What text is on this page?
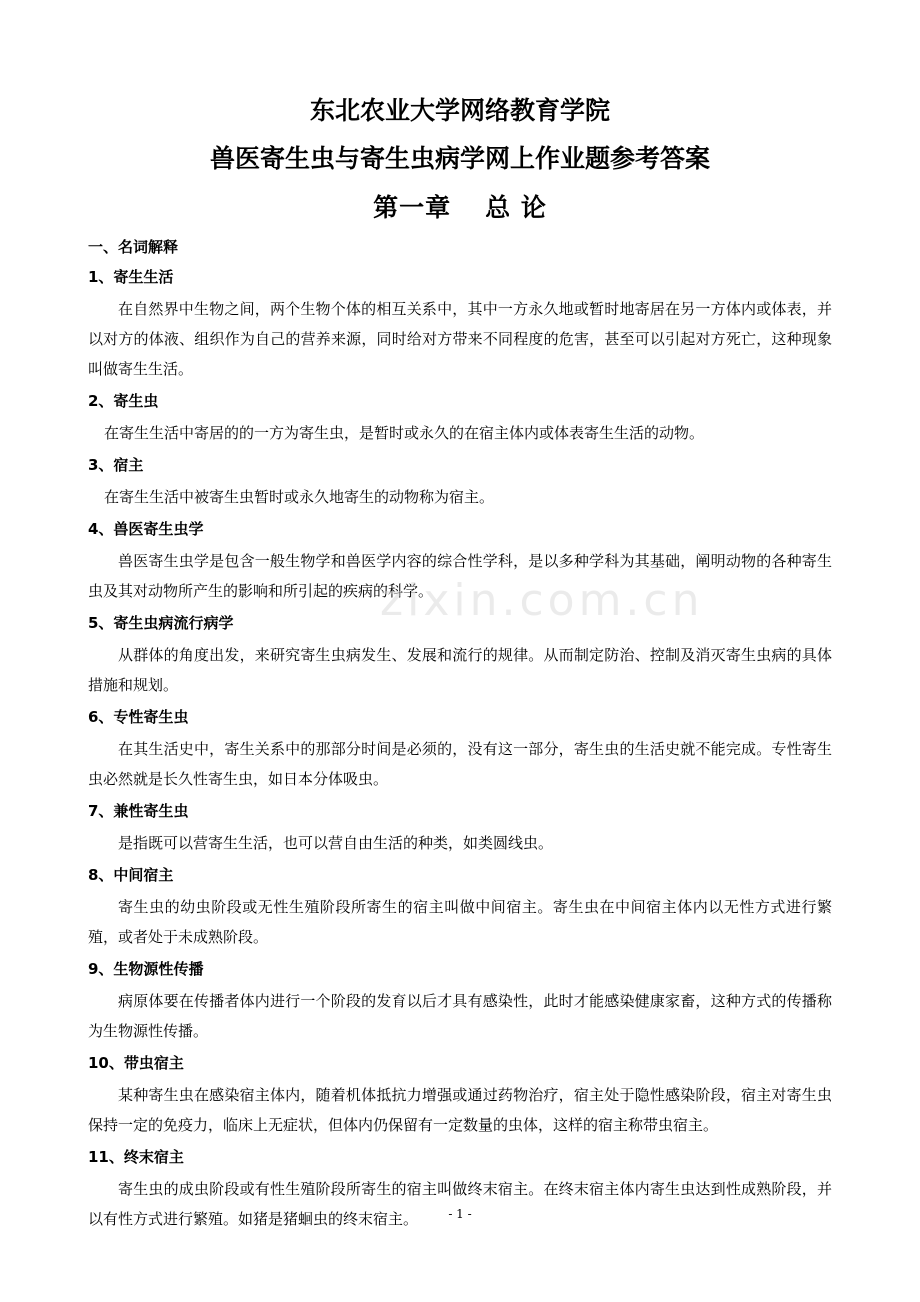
东北农业大学网络教育学院
兽医寄生虫与寄生虫病学网上作业题参考答案
第一章 总 论

一、名词解释

1、寄生生活

在自然界中生物之间，两个生物个体的相互关系中，其中一方永久地或暂时地寄居在另一方体内或体表，并以对方的体液、组织作为自己的营养来源，同时给对方带来不同程度的危害，甚至可以引起对方死亡，这种现象叫做寄生生活。

2、寄生虫

在寄生生活中寄居的的一方为寄生虫，是暂时或永久的在宿主体内或体表寄生生活的动物。

3、宿主

在寄生生活中被寄生虫暂时或永久地寄生的动物称为宿主。

4、兽医寄生虫学

兽医寄生虫学是包含一般生物学和兽医学内容的综合性学科，是以多种学科为其基础，阐明动物的各种寄生虫及其对动物所产生的影响和所引起的疾病的科学。

5、寄生虫病流行病学

从群体的角度出发，来研究寄生虫病发生、发展和流行的规律。从而制定防治、控制及消灭寄生虫病的具体措施和规划。

6、专性寄生虫

在其生活史中，寄生关系中的那部分时间是必须的，没有这一部分，寄生虫的生活史就不能完成。专性寄生虫必然就是长久性寄生虫，如日本分体吸虫。

7、兼性寄生虫

是指既可以营寄生生活，也可以营自由生活的种类，如类圆线虫。

8、中间宿主

寄生虫的幼虫阶段或无性生殖阶段所寄生的宿主叫做中间宿主。寄生虫在中间宿主体内以无性方式进行繁殖，或者处于未成熟阶段。

9、生物源性传播

病原体要在传播者体内进行一个阶段的发育以后才具有感染性，此时才能感染健康家畜，这种方式的传播称为生物源性传播。

10、带虫宿主

某种寄生虫在感染宿主体内，随着机体抵抗力增强或通过药物治疗，宿主处于隐性感染阶段，宿主对寄生虫保持一定的免疫力，临床上无症状，但体内仍保留有一定数量的虫体，这样的宿主称带虫宿主。

11、终末宿主

寄生虫的成虫阶段或有性生殖阶段所寄生的宿主叫做终末宿主。在终末宿主体内寄生虫达到性成熟阶段，并以有性方式进行繁殖。如猪是猪蛔虫的终末宿主。

zixin.com.cn
- 1 -
